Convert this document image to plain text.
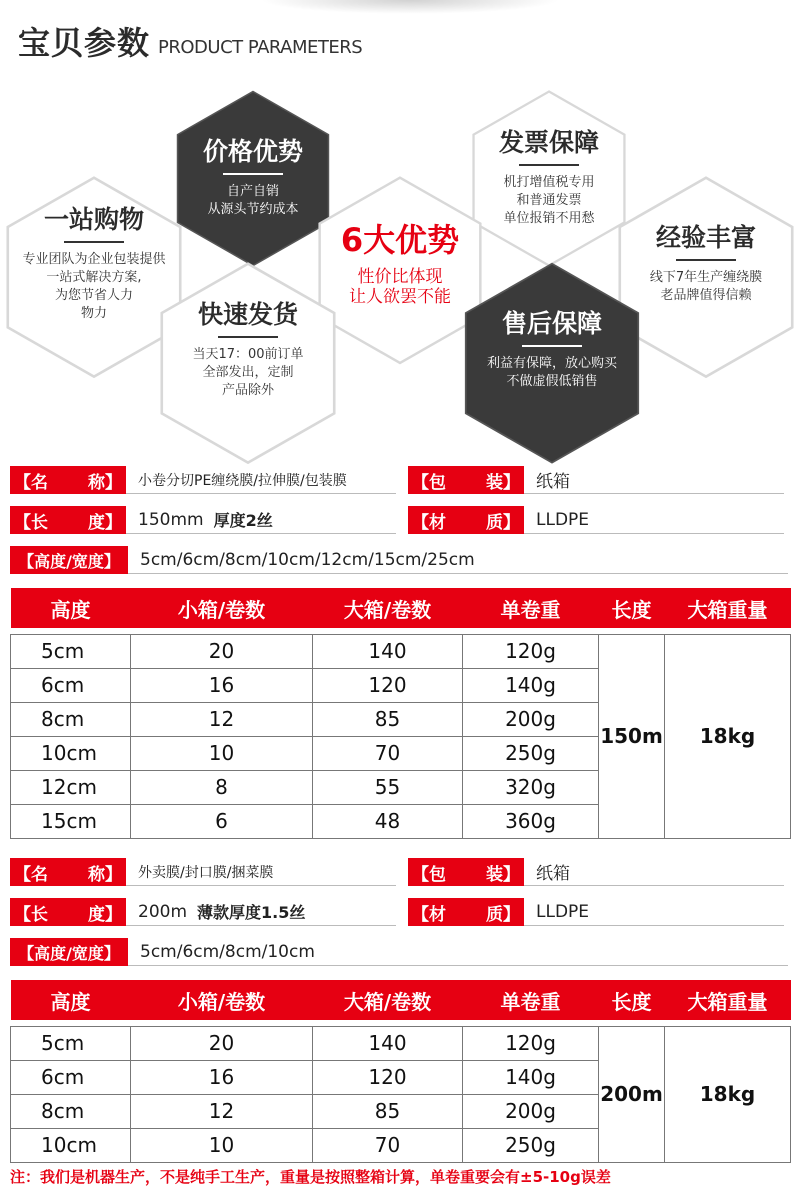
宝贝参数 PRODUCT PARAMETERS
价格优势
自产自销
从源头节约成本
发票保障
机打增值税专用
和普通发票
单位报销不用愁
一站购物
专业团队为企业包装提供
一站式解决方案,
为您节省人力
物力
6大优势
性价比体现
让人欲罢不能
经验丰富
线下7年生产缠绕膜
老品牌值得信赖
快速发货
当天17：00前订单
全部发出，定制
产品除外
售后保障
利益有保障，放心购买
不做虚假低销售
【名 称】	小卷分切PE缠绕膜/拉伸膜/包装膜	【包 装】 纸箱
【长 度】 150mm 厚度2丝	【材 质】 LLDPE
【高度/宽度】	5cm/6cm/8cm/10cm/12cm/15cm/25cm
高度	小箱/卷数	大箱/卷数	单卷重	长度	大箱重量

5cm	20	140	120g	150m	18kg
6cm	16	120	140g		
8cm	12	85	200g		
10cm	10	70	250g		
12cm	8	55	320g		
15cm	6	48	360g		
【名 称】	外卖膜/封口膜/捆菜膜	【包 装】 纸箱
【长 度】 200m 薄款厚度1.5丝	【材 质】 LLDPE
【高度/宽度】	5cm/6cm/8cm/10cm
高度	小箱/卷数	大箱/卷数	单卷重	长度	大箱重量

5cm	20	140	120g	200m	18kg
6cm	16	120	140g		
8cm	12	85	200g		
10cm	10	70	250g		
注：我们是机器生产，不是纯手工生产，重量是按照整箱计算，单卷重要会有±5-10g误差
